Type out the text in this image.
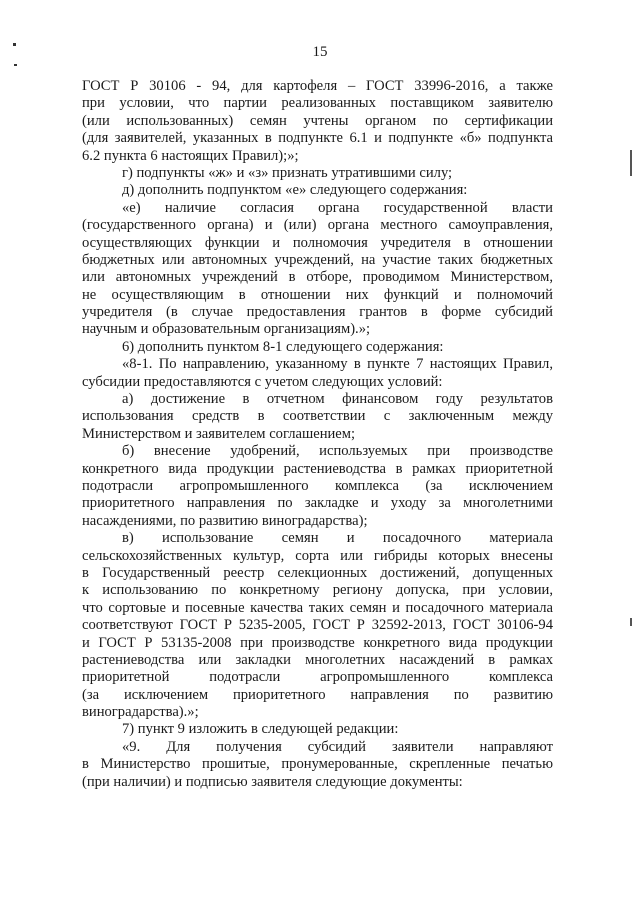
15
ГОСТ Р 30106 - 94, для картофеля – ГОСТ 33996-2016, а также
при условии, что партии реализованных поставщиком заявителю
(или использованных) семян учтены органом по сертификации
(для заявителей, указанных в подпункте 6.1 и подпункте «б» подпункта
6.2 пункта 6 настоящих Правил);»;
г) подпункты «ж» и «з» признать утратившими силу;
д) дополнить подпунктом «е» следующего содержания:
«е) наличие согласия органа государственной власти
(государственного органа) и (или) органа местного самоуправления,
осуществляющих функции и полномочия учредителя в отношении
бюджетных или автономных учреждений, на участие таких бюджетных
или автономных учреждений в отборе, проводимом Министерством,
не осуществляющим в отношении них функций и полномочий
учредителя (в случае предоставления грантов в форме субсидий
научным и образовательным организациям).»;
6) дополнить пунктом 8-1 следующего содержания:
«8-1. По направлению, указанному в пункте 7 настоящих Правил,
субсидии предоставляются с учетом следующих условий:
а) достижение в отчетном финансовом году результатов
использования средств в соответствии с заключенным между
Министерством и заявителем соглашением;
б) внесение удобрений, используемых при производстве
конкретного вида продукции растениеводства в рамках приоритетной
подотрасли агропромышленного комплекса (за исключением
приоритетного направления по закладке и уходу за многолетними
насаждениями, по развитию виноградарства);
в) использование семян и посадочного материала
сельскохозяйственных культур, сорта или гибриды которых внесены
в Государственный реестр селекционных достижений, допущенных
к использованию по конкретному региону допуска, при условии,
что сортовые и посевные качества таких семян и посадочного материала
соответствуют ГОСТ Р 5235-2005, ГОСТ Р 32592-2013, ГОСТ 30106-94
и ГОСТ Р 53135-2008 при производстве конкретного вида продукции
растениеводства или закладки многолетних насаждений в рамках
приоритетной подотрасли агропромышленного комплекса
(за исключением приоритетного направления по развитию
виноградарства).»;
7) пункт 9 изложить в следующей редакции:
«9. Для получения субсидий заявители направляют
в Министерство прошитые, пронумерованные, скрепленные печатью
(при наличии) и подписью заявителя следующие документы:
